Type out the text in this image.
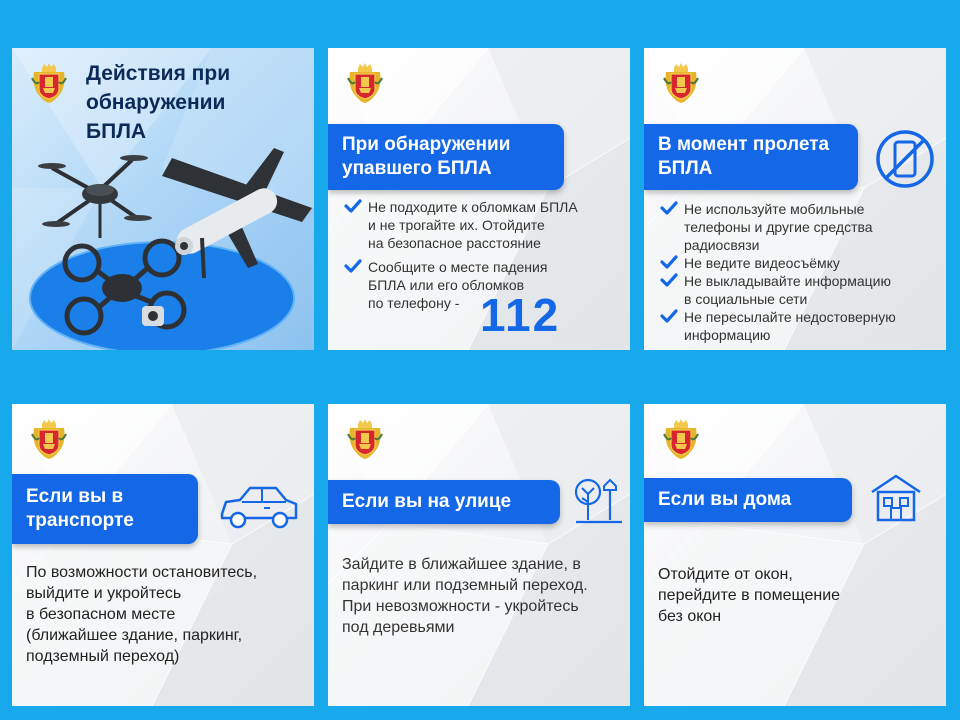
Действия при
обнаружении
БПЛА
При обнаружении
упавшего БПЛА
Не подходите к обломкам БПЛА
и не трогайте их. Отойдите
на безопасное расстояние
Сообщите о месте падения
БПЛА или его обломков
по телефону - 112
В момент пролета
БПЛА
Не используйте мобильные
телефоны и другие средства
радиосвязи
Не ведите видеосъёмку
Не выкладывайте информацию
в социальные сети
Не пересылайте недостоверную
информацию
Если вы в
транспорте
По возможности остановитесь,
выйдите и укройтесь
в безопасном месте
(ближайшее здание, паркинг,
подземный переход)
Если вы на улице
Зайдите в ближайшее здание, в
паркинг или подземный переход.
При невозможности - укройтесь
под деревьями
Если вы дома
Отойдите от окон,
перейдите в помещение
без окон
